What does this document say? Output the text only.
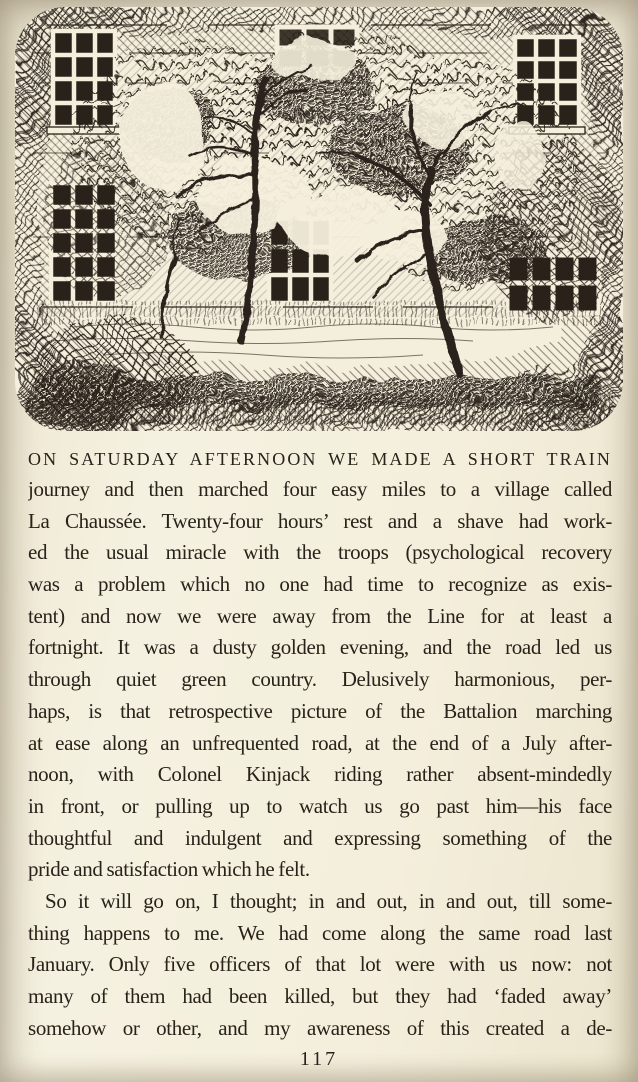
ON SATURDAY AFTERNOON WE MADE A SHORT TRAIN
journey and then marched four easy miles to a village called
La Chaussée. Twenty-four hours’ rest and a shave had work-
ed the usual miracle with the troops (psychological recovery
was a problem which no one had time to recognize as exis-
tent) and now we were away from the Line for at least a
fortnight. It was a dusty golden evening, and the road led us
through quiet green country. Delusively harmonious, per-
haps, is that retrospective picture of the Battalion marching
at ease along an unfrequented road, at the end of a July after-
noon, with Colonel Kinjack riding rather absent-mindedly
in front, or pulling up to watch us go past him—his face
thoughtful and indulgent and expressing something of the
pride and satisfaction which he felt.
So it will go on, I thought; in and out, in and out, till some-
thing happens to me. We had come along the same road last
January. Only five officers of that lot were with us now: not
many of them had been killed, but they had ‘faded away’
somehow or other, and my awareness of this created a de-
117
